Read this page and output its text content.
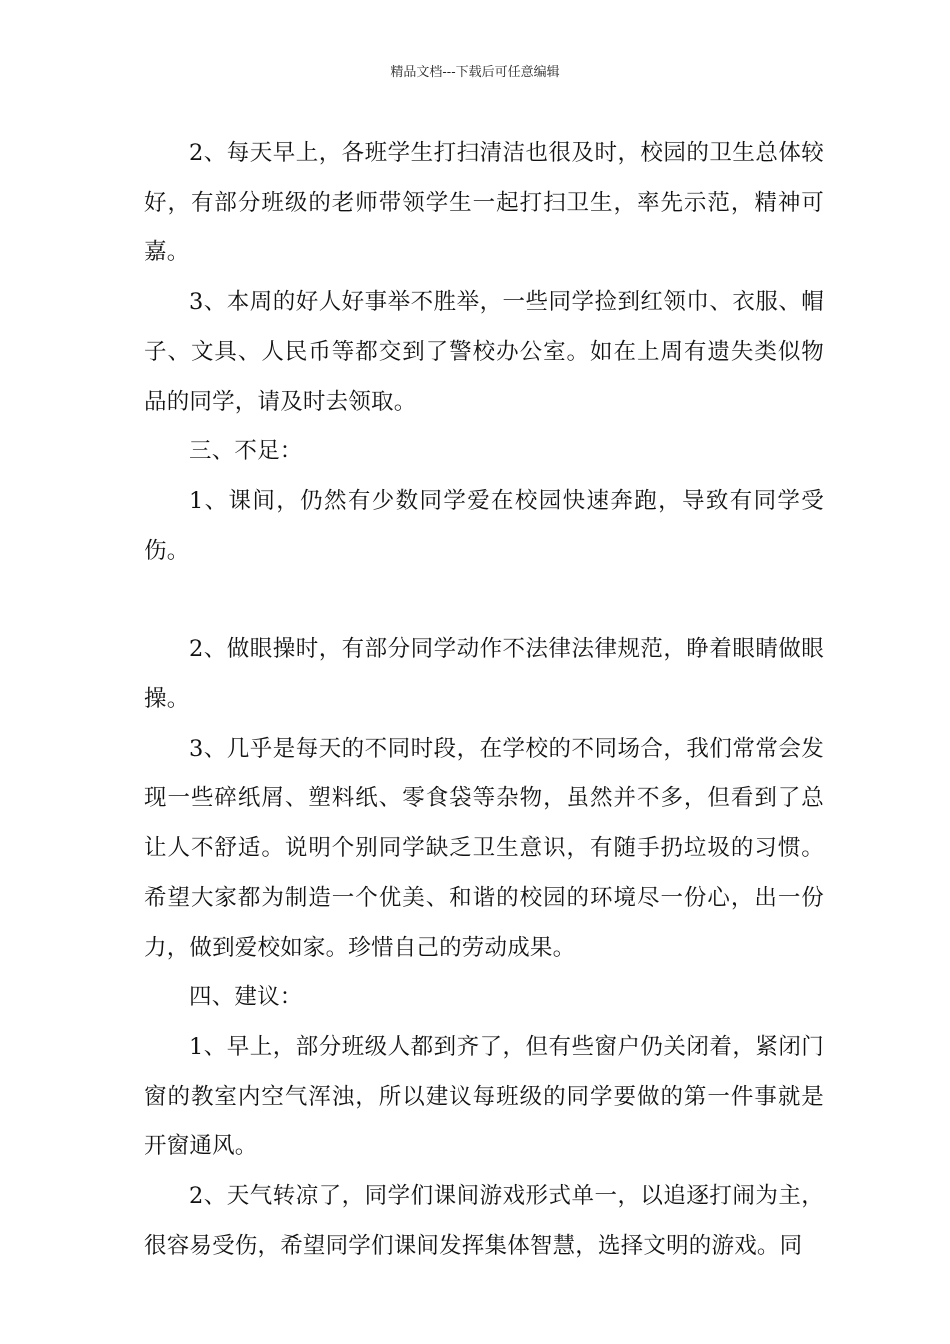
精品文档---下载后可任意编辑

2、每天早上，各班学生打扫清洁也很及时，校园的卫生总体较好，有部分班级的老师带领学生一起打扫卫生，率先示范，精神可嘉。

3、本周的好人好事举不胜举，一些同学捡到红领巾、衣服、帽子、文具、人民币等都交到了警校办公室。如在上周有遗失类似物品的同学，请及时去领取。

三、不足：

1、课间，仍然有少数同学爱在校园快速奔跑，导致有同学受伤。

2、做眼操时，有部分同学动作不法律法律规范，睁着眼睛做眼操。

3、几乎是每天的不同时段，在学校的不同场合，我们常常会发现一些碎纸屑、塑料纸、零食袋等杂物，虽然并不多，但看到了总让人不舒适。说明个别同学缺乏卫生意识，有随手扔垃圾的习惯。希望大家都为制造一个优美、和谐的校园的环境尽一份心，出一份力，做到爱校如家。珍惜自己的劳动成果。

四、建议：

1、早上，部分班级人都到齐了，但有些窗户仍关闭着，紧闭门窗的教室内空气浑浊，所以建议每班级的同学要做的第一件事就是开窗通风。

2、天气转凉了，同学们课间游戏形式单一，以追逐打闹为主，很容易受伤，希望同学们课间发挥集体智慧，选择文明的游戏。同
